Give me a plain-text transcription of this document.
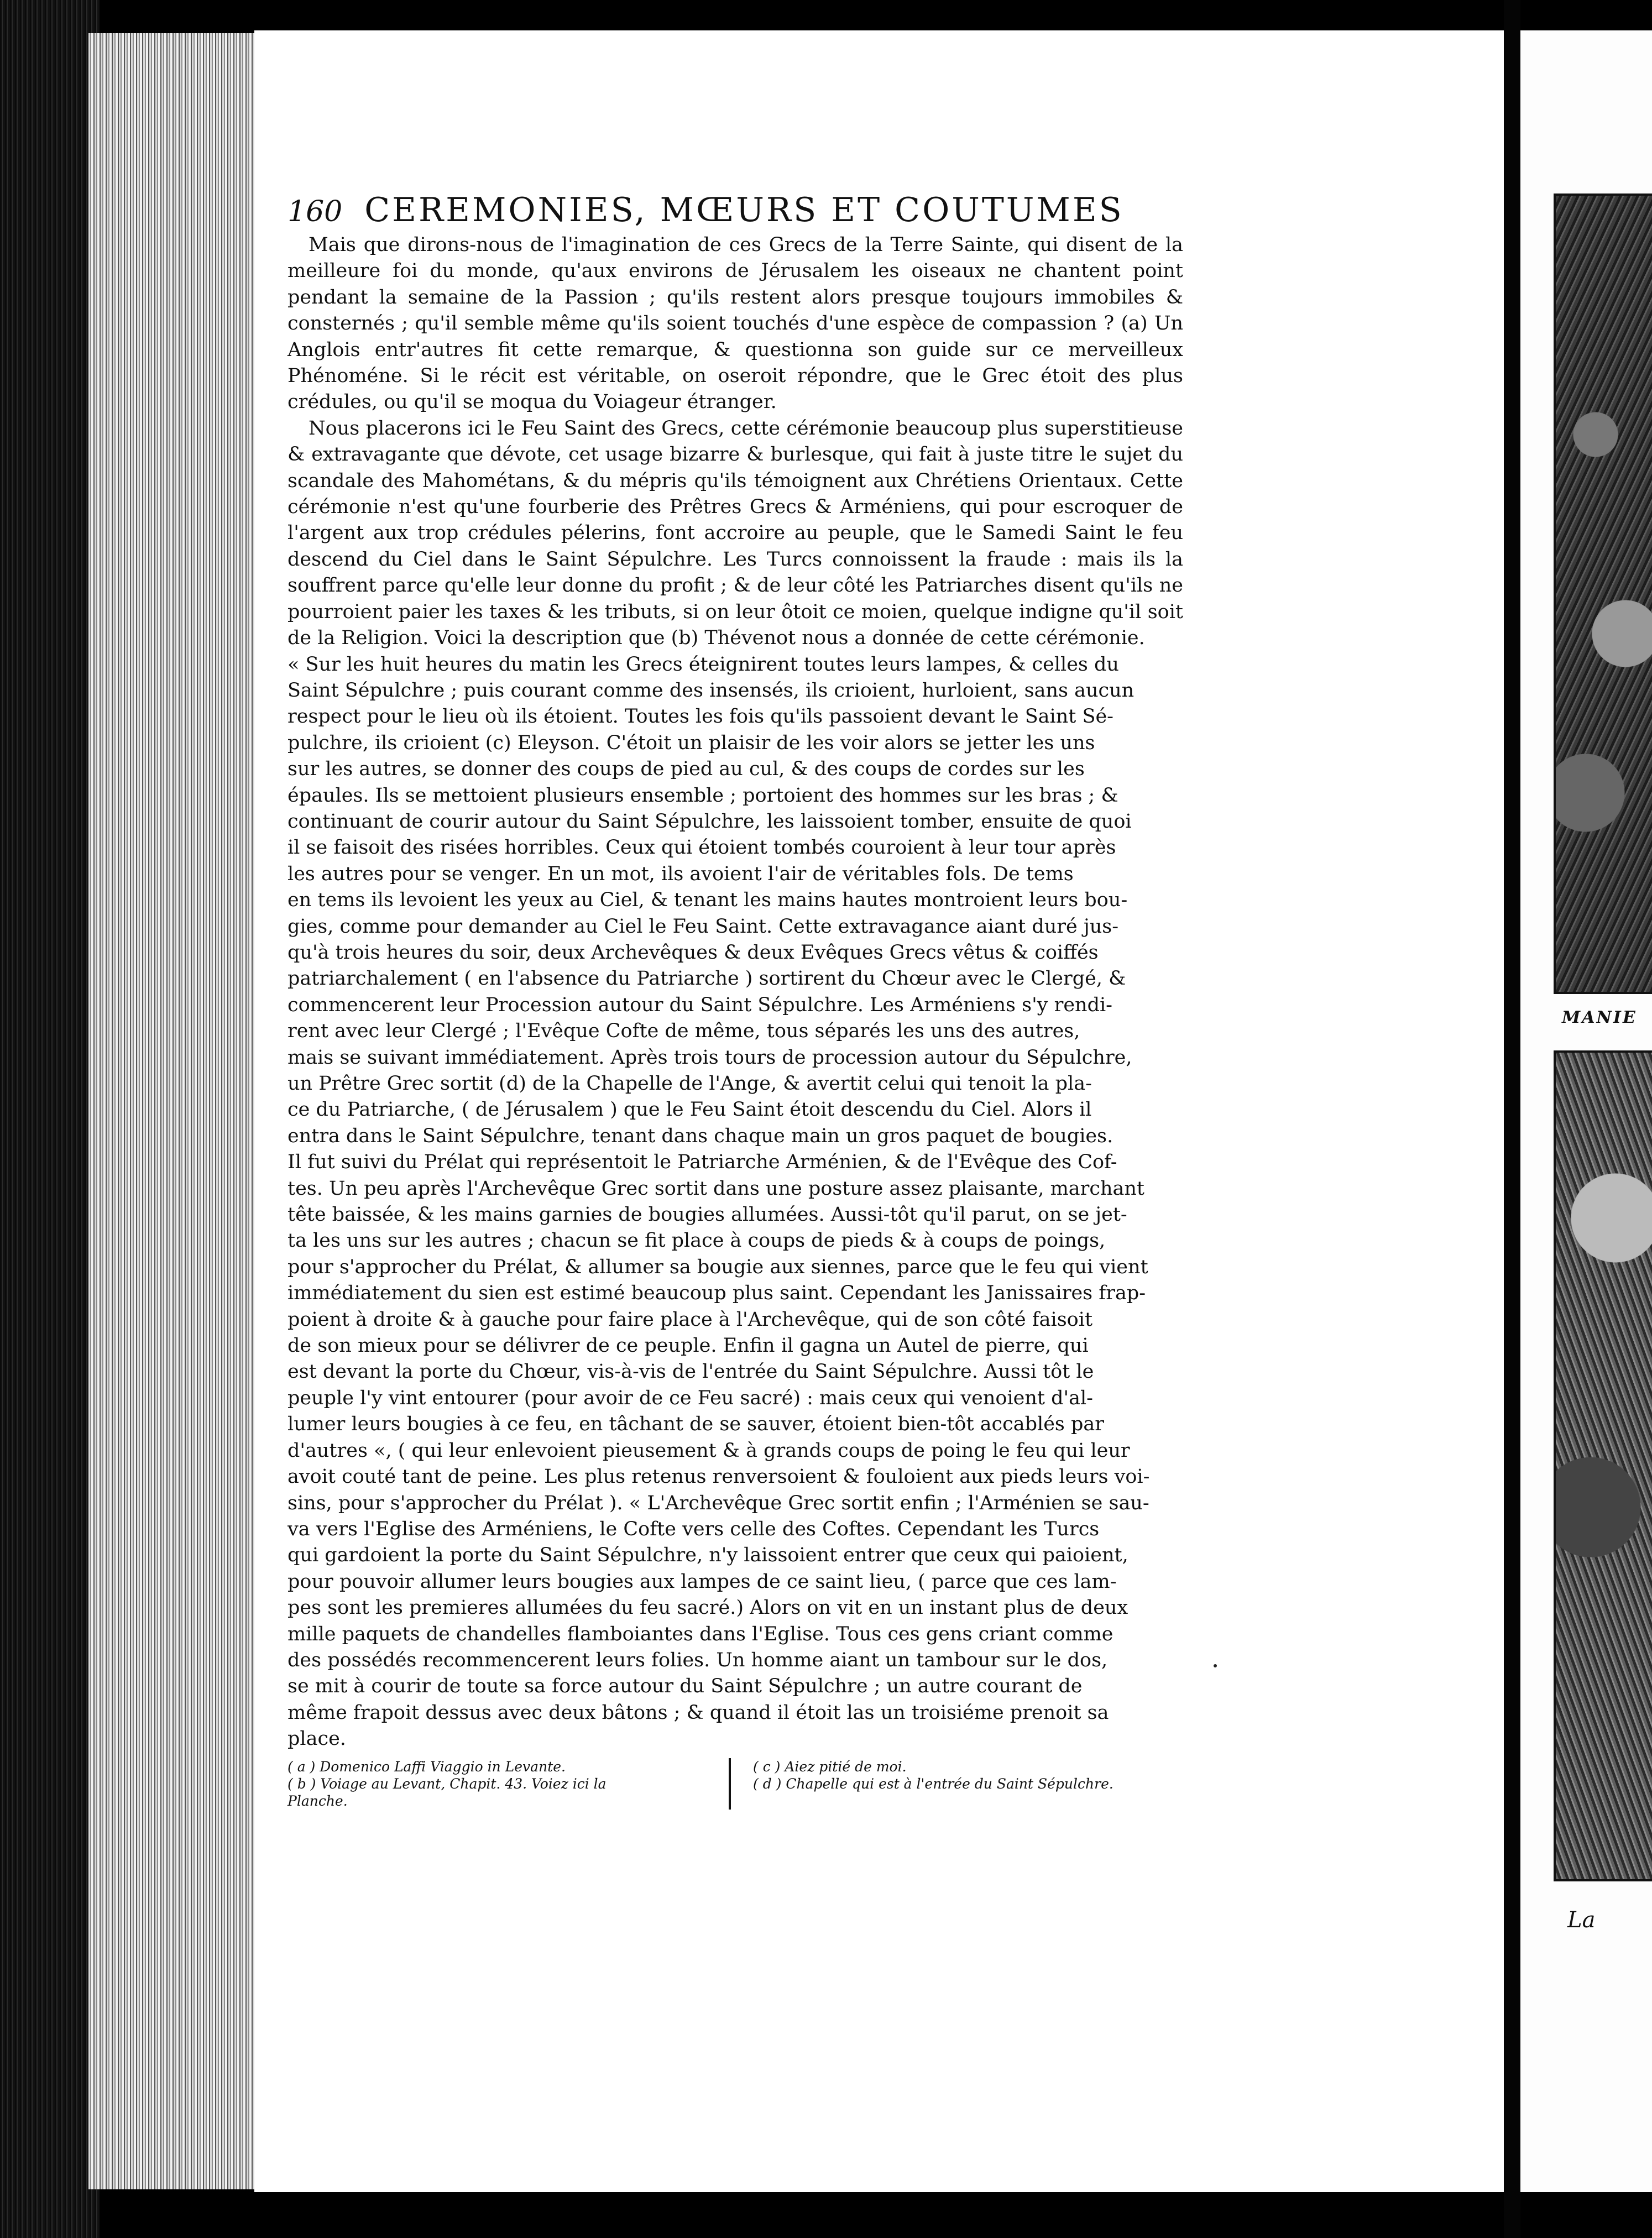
160 CEREMONIES, MŒURS ET COUTUMES

Mais que dirons-nous de l'imagination de ces Grecs de la Terre Sainte, qui disent de la meilleure foi du monde, qu'aux environs de Jérusalem les oiseaux ne chantent point pendant la semaine de la Passion ; qu'ils restent alors presque toujours immobiles & consternés ; qu'il semble même qu'ils soient touchés d'une espèce de compassion ? (a) Un Anglois entr'autres fit cette remarque, & questionna son guide sur ce merveilleux Phénoméne. Si le récit est véritable, on oseroit répondre, que le Grec étoit des plus crédules, ou qu'il se moqua du Voiageur étranger.

Nous placerons ici le Feu Saint des Grecs, cette cérémonie beaucoup plus superstitieuse & extravagante que dévote, cet usage bizarre & burlesque, qui fait à juste titre le sujet du scandale des Mahométans, & du mépris qu'ils témoignent aux Chrétiens Orientaux. Cette cérémonie n'est qu'une fourberie des Prêtres Grecs & Arméniens, qui pour escroquer de l'argent aux trop crédules pélerins, font accroire au peuple, que le Samedi Saint le feu descend du Ciel dans le Saint Sépulchre. Les Turcs connoissent la fraude : mais ils la souffrent parce qu'elle leur donne du profit ; & de leur côté les Patriarches disent qu'ils ne pourroient paier les taxes & les tributs, si on leur ôtoit ce moien, quelque indigne qu'il soit de la Religion. Voici la description que (b) Thévenot nous a donnée de cette cérémonie.

« Sur les huit heures du matin les Grecs éteignirent toutes leurs lampes, & celles du
Saint Sépulchre ; puis courant comme des insensés, ils crioient, hurloient, sans aucun
respect pour le lieu où ils étoient. Toutes les fois qu'ils passoient devant le Saint Sé-
pulchre, ils crioient (c) Eleyson. C'étoit un plaisir de les voir alors se jetter les uns
sur les autres, se donner des coups de pied au cul, & des coups de cordes sur les
épaules. Ils se mettoient plusieurs ensemble ; portoient des hommes sur les bras ; &
continuant de courir autour du Saint Sépulchre, les laissoient tomber, ensuite de quoi
il se faisoit des risées horribles. Ceux qui étoient tombés couroient à leur tour après
les autres pour se venger. En un mot, ils avoient l'air de véritables fols. De tems
en tems ils levoient les yeux au Ciel, & tenant les mains hautes montroient leurs bou-
gies, comme pour demander au Ciel le Feu Saint. Cette extravagance aiant duré jus-
qu'à trois heures du soir, deux Archevêques & deux Evêques Grecs vêtus & coiffés
patriarchalement ( en l'absence du Patriarche ) sortirent du Chœur avec le Clergé, &
commencerent leur Procession autour du Saint Sépulchre. Les Arméniens s'y rendi-
rent avec leur Clergé ; l'Evêque Cofte de même, tous séparés les uns des autres,
mais se suivant immédiatement. Après trois tours de procession autour du Sépulchre,
un Prêtre Grec sortit (d) de la Chapelle de l'Ange, & avertit celui qui tenoit la pla-
ce du Patriarche, ( de Jérusalem ) que le Feu Saint étoit descendu du Ciel. Alors il
entra dans le Saint Sépulchre, tenant dans chaque main un gros paquet de bougies.
Il fut suivi du Prélat qui représentoit le Patriarche Arménien, & de l'Evêque des Cof-
tes. Un peu après l'Archevêque Grec sortit dans une posture assez plaisante, marchant
tête baissée, & les mains garnies de bougies allumées. Aussi-tôt qu'il parut, on se jet-
ta les uns sur les autres ; chacun se fit place à coups de pieds & à coups de poings,
pour s'approcher du Prélat, & allumer sa bougie aux siennes, parce que le feu qui vient
immédiatement du sien est estimé beaucoup plus saint. Cependant les Janissaires frap-
poient à droite & à gauche pour faire place à l'Archevêque, qui de son côté faisoit
de son mieux pour se délivrer de ce peuple. Enfin il gagna un Autel de pierre, qui
est devant la porte du Chœur, vis-à-vis de l'entrée du Saint Sépulchre. Aussi tôt le
peuple l'y vint entourer (pour avoir de ce Feu sacré) : mais ceux qui venoient d'al-
lumer leurs bougies à ce feu, en tâchant de se sauver, étoient bien-tôt accablés par
d'autres «, ( qui leur enlevoient pieusement & à grands coups de poing le feu qui leur
avoit couté tant de peine. Les plus retenus renversoient & fouloient aux pieds leurs voi-
sins, pour s'approcher du Prélat ). « L'Archevêque Grec sortit enfin ; l'Arménien se sau-
va vers l'Eglise des Arméniens, le Cofte vers celle des Coftes. Cependant les Turcs
qui gardoient la porte du Saint Sépulchre, n'y laissoient entrer que ceux qui paioient,
pour pouvoir allumer leurs bougies aux lampes de ce saint lieu, ( parce que ces lam-
pes sont les premieres allumées du feu sacré.) Alors on vit en un instant plus de deux
mille paquets de chandelles flamboiantes dans l'Eglise. Tous ces gens criant comme
des possédés recommencerent leurs folies. Un homme aiant un tambour sur le dos,
se mit à courir de toute sa force autour du Saint Sépulchre ; un autre courant de
même frapoit dessus avec deux bâtons ; & quand il étoit las un troisiéme prenoit sa
place.
( a ) Domenico Laffi Viaggio in Levante.
( b ) Voiage au Levant, Chapit. 43. Voiez ici la
Planche.
( c ) Aiez pitié de moi.
( d ) Chapelle qui est à l'entrée du Saint Sépulchre.
MANIE
La
